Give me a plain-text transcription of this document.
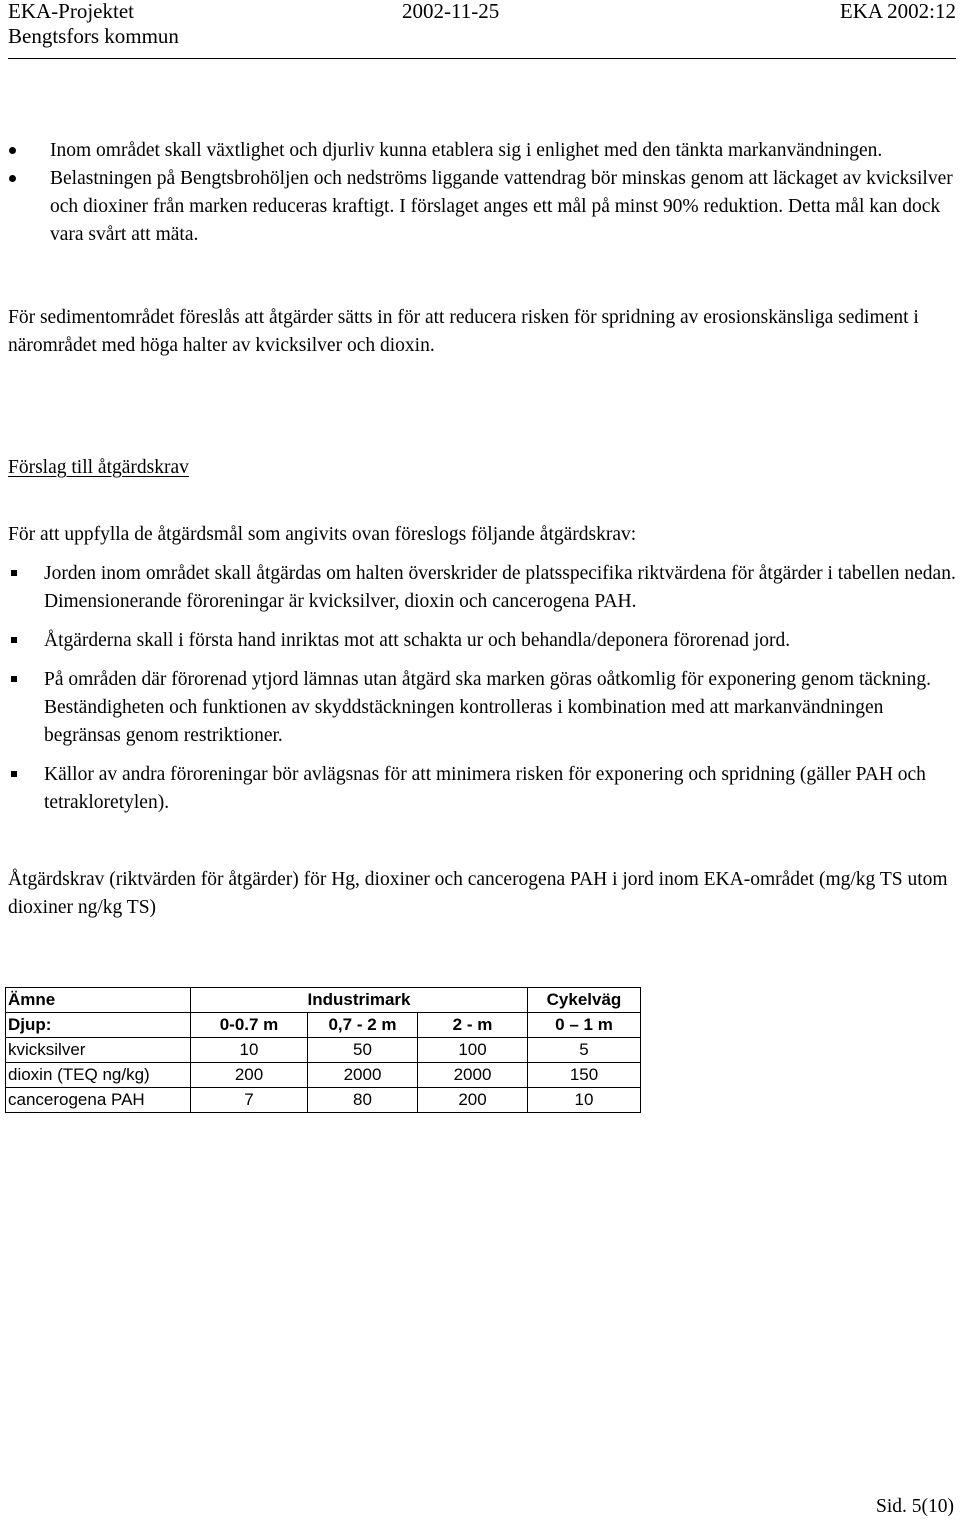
EKA-Projektet	2002-11-25	EKA 2002:12
Bengtsfors kommun
Inom området skall växtlighet och djurliv kunna etablera sig i enlighet med den tänkta markanvändningen.
Belastningen på Bengtsbrohöljen och nedströms liggande vattendrag bör minskas genom att läckaget av kvicksilver och dioxiner från marken reduceras kraftigt. I förslaget anges ett mål på minst 90% reduktion. Detta mål kan dock vara svårt att mäta.
För sedimentområdet föreslås att åtgärder sätts in för att reducera risken för spridning av erosionskänsliga sediment i närområdet med höga halter av kvicksilver och dioxin.
Förslag till åtgärdskrav
För att uppfylla de åtgärdsmål som angivits ovan föreslogs följande åtgärdskrav:
Jorden inom området skall åtgärdas om halten överskrider de platsspecifika riktvärdena för åtgärder i tabellen nedan. Dimensionerande föroreningar är kvicksilver, dioxin och cancerogena PAH.
Åtgärderna skall i första hand inriktas mot att schakta ur och behandla/deponera förorenad jord.
På områden där förorenad ytjord lämnas utan åtgärd ska marken göras oåtkomlig för exponering genom täckning. Beständigheten och funktionen av skyddstäckningen kontrolleras i kombination med att markanvändningen begränsas genom restriktioner.
Källor av andra föroreningar bör avlägsnas för att minimera risken för exponering och spridning (gäller PAH och tetrakloretylen).
Åtgärdskrav (riktvärden för åtgärder) för Hg, dioxiner och cancerogena PAH i jord inom EKA-området (mg/kg TS utom dioxiner ng/kg TS)
Ämne	Industrimark			Cykelväg
Djup:	0-0.7 m	0,7 - 2 m	2 - m	0 – 1 m
kvicksilver	10	50	100	5
dioxin (TEQ ng/kg)	200	2000	2000	150
cancerogena PAH	7	80	200	10
Sid. 5(10)
